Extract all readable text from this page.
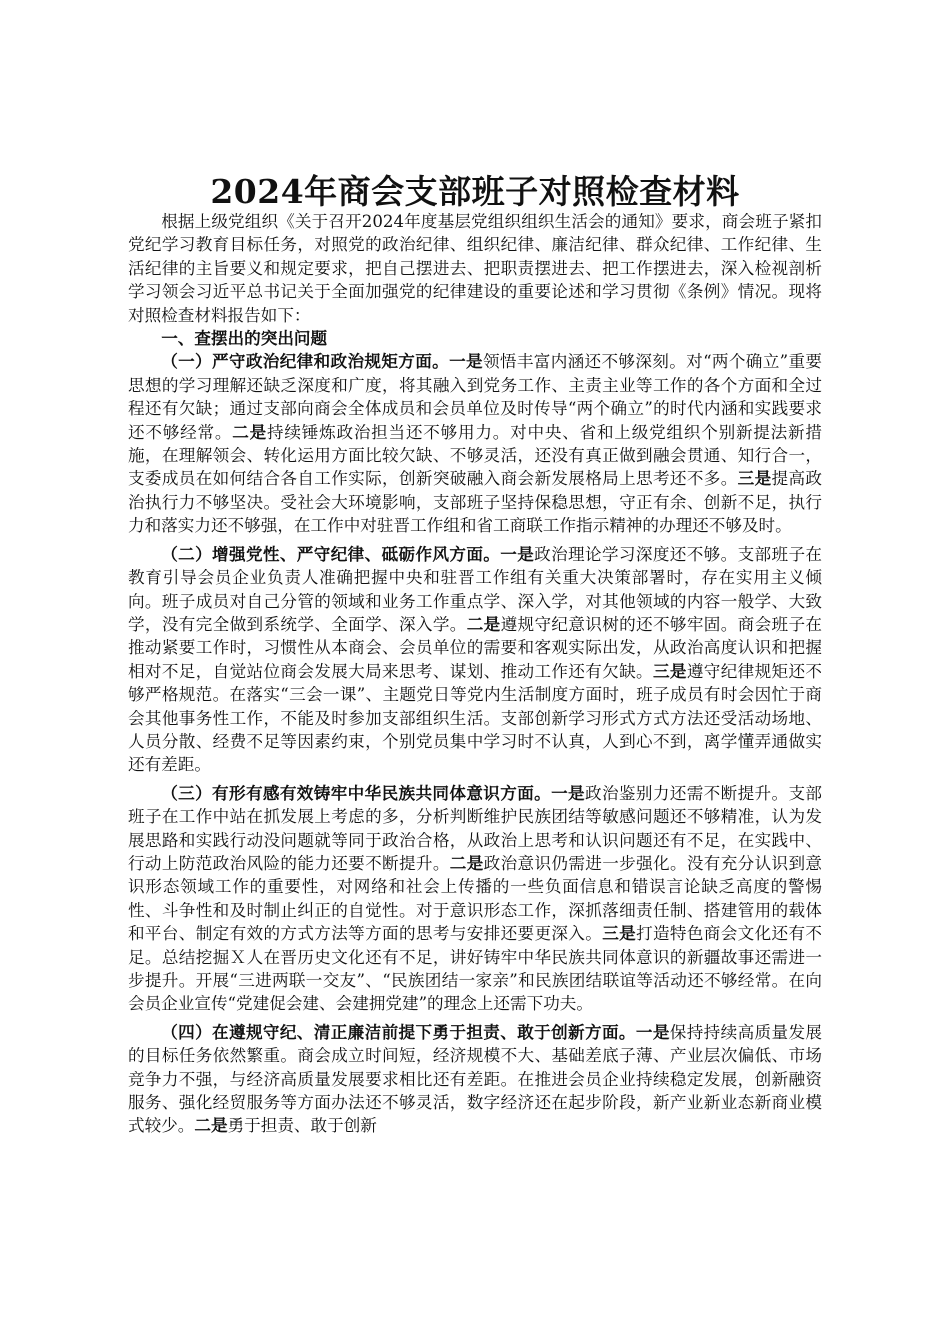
2024年商会支部班子对照检查材料

根据上级党组织《关于召开2024年度基层党组织组织生活会的通知》要求，商会班子紧扣党纪学习教育目标任务，对照党的政治纪律、组织纪律、廉洁纪律、群众纪律、工作纪律、生活纪律的主旨要义和规定要求，把自己摆进去、把职责摆进去、把工作摆进去，深入检视剖析学习领会习近平总书记关于全面加强党的纪律建设的重要论述和学习贯彻《条例》情况。现将对照检查材料报告如下：

一、查摆出的突出问题

（一）严守政治纪律和政治规矩方面。一是领悟丰富内涵还不够深刻。对“两个确立”重要思想的学习理解还缺乏深度和广度，将其融入到党务工作、主责主业等工作的各个方面和全过程还有欠缺；通过支部向商会全体成员和会员单位及时传导“两个确立”的时代内涵和实践要求还不够经常。二是持续锤炼政治担当还不够用力。对中央、省和上级党组织个别新提法新措施，在理解领会、转化运用方面比较欠缺、不够灵活，还没有真正做到融会贯通、知行合一，支委成员在如何结合各自工作实际，创新突破融入商会新发展格局上思考还不多。三是提高政治执行力不够坚决。受社会大环境影响，支部班子坚持保稳思想，守正有余、创新不足，执行力和落实力还不够强，在工作中对驻晋工作组和省工商联工作指示精神的办理还不够及时。

（二）增强党性、严守纪律、砥砺作风方面。一是政治理论学习深度还不够。支部班子在教育引导会员企业负责人准确把握中央和驻晋工作组有关重大决策部署时，存在实用主义倾向。班子成员对自己分管的领域和业务工作重点学、深入学，对其他领域的内容一般学、大致学，没有完全做到系统学、全面学、深入学。二是遵规守纪意识树的还不够牢固。商会班子在推动紧要工作时，习惯性从本商会、会员单位的需要和客观实际出发，从政治高度认识和把握相对不足，自觉站位商会发展大局来思考、谋划、推动工作还有欠缺。三是遵守纪律规矩还不够严格规范。在落实“三会一课”、主题党日等党内生活制度方面时，班子成员有时会因忙于商会其他事务性工作，不能及时参加支部组织生活。支部创新学习形式方式方法还受活动场地、人员分散、经费不足等因素约束，个别党员集中学习时不认真，人到心不到，离学懂弄通做实还有差距。

（三）有形有感有效铸牢中华民族共同体意识方面。一是政治鉴别力还需不断提升。支部班子在工作中站在抓发展上考虑的多，分析判断维护民族团结等敏感问题还不够精准，认为发展思路和实践行动没问题就等同于政治合格，从政治上思考和认识问题还有不足，在实践中、行动上防范政治风险的能力还要不断提升。二是政治意识仍需进一步强化。没有充分认识到意识形态领域工作的重要性，对网络和社会上传播的一些负面信息和错误言论缺乏高度的警惕性、斗争性和及时制止纠正的自觉性。对于意识形态工作，深抓落细责任制、搭建管用的载体和平台、制定有效的方式方法等方面的思考与安排还要更深入。三是打造特色商会文化还有不足。总结挖掘Ｘ人在晋历史文化还有不足，讲好铸牢中华民族共同体意识的新疆故事还需进一步提升。开展“三进两联一交友”、“民族团结一家亲”和民族团结联谊等活动还不够经常。在向会员企业宣传“党建促会建、会建拥党建”的理念上还需下功夫。

（四）在遵规守纪、清正廉洁前提下勇于担责、敢于创新方面。一是保持持续高质量发展的目标任务依然繁重。商会成立时间短，经济规模不大、基础差底子薄、产业层次偏低、市场竞争力不强，与经济高质量发展要求相比还有差距。在推进会员企业持续稳定发展，创新融资服务、强化经贸服务等方面办法还不够灵活，数字经济还在起步阶段，新产业新业态新商业模式较少。二是勇于担责、敢于创新
